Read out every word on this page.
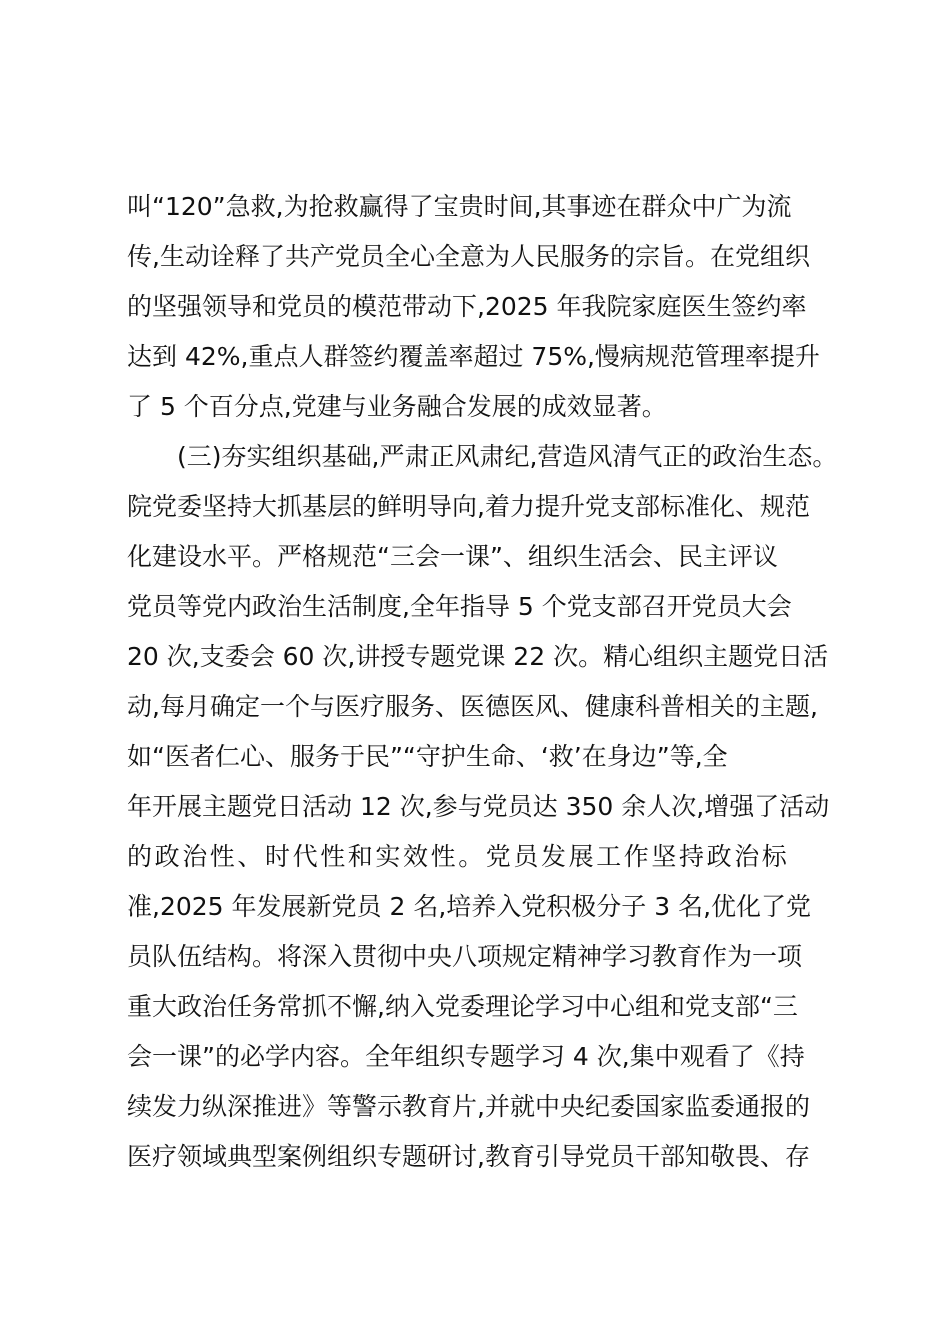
叫“120”急救,为抢救赢得了宝贵时间,其事迹在群众中广为流
传,生动诠释了共产党员全心全意为人民服务的宗旨。在党组织
的坚强领导和党员的模范带动下,2025 年我院家庭医生签约率
达到 42%,重点人群签约覆盖率超过 75%,慢病规范管理率提升
了 5 个百分点,党建与业务融合发展的成效显著。
(三)夯实组织基础,严肃正风肃纪,营造风清气正的政治生态。
院党委坚持大抓基层的鲜明导向,着力提升党支部标准化、规范
化建设水平。严格规范“三会一课”、组织生活会、民主评议
党员等党内政治生活制度,全年指导 5 个党支部召开党员大会
20 次,支委会 60 次,讲授专题党课 22 次。精心组织主题党日活
动,每月确定一个与医疗服务、医德医风、健康科普相关的主题,
如“医者仁心、服务于民”“守护生命、‘救’在身边”等,全
年开展主题党日活动 12 次,参与党员达 350 余人次,增强了活动
的政治性、时代性和实效性。党员发展工作坚持政治标
准,2025 年发展新党员 2 名,培养入党积极分子 3 名,优化了党
员队伍结构。将深入贯彻中央八项规定精神学习教育作为一项
重大政治任务常抓不懈,纳入党委理论学习中心组和党支部“三
会一课”的必学内容。全年组织专题学习 4 次,集中观看了《持
续发力纵深推进》等警示教育片,并就中央纪委国家监委通报的
医疗领域典型案例组织专题研讨,教育引导党员干部知敬畏、存
